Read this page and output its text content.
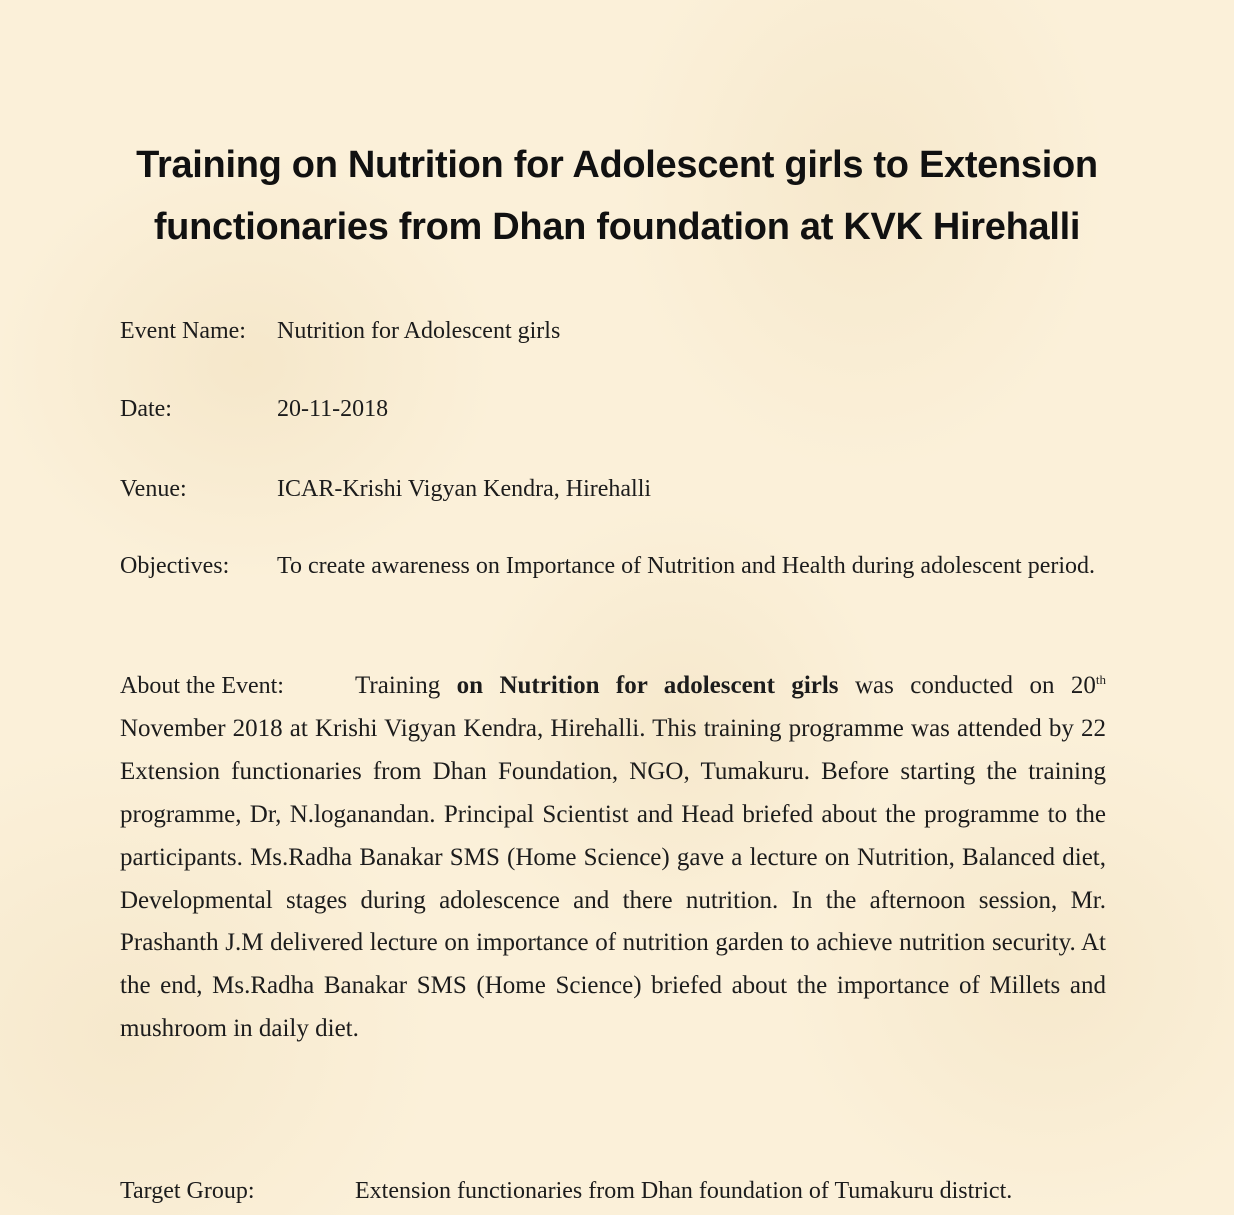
Training on Nutrition for Adolescent girls to Extension functionaries from Dhan foundation at KVK Hirehalli

Event Name: Nutrition for Adolescent girls

Date:	20-11-2018

Venue:	ICAR-Krishi Vigyan Kendra, Hirehalli

Objectives: To create awareness on Importance of Nutrition and Health during adolescent period.

About the Event:	Training on Nutrition for adolescent girls was conducted on 20th November 2018 at Krishi Vigyan Kendra, Hirehalli. This training programme was attended by 22 Extension functionaries from Dhan Foundation, NGO, Tumakuru. Before starting the training programme, Dr, N.loganandan. Principal Scientist and Head briefed about the programme to the participants. Ms.Radha Banakar SMS (Home Science) gave a lecture on Nutrition, Balanced diet, Developmental stages during adolescence and there nutrition. In the afternoon session, Mr. Prashanth J.M delivered lecture on importance of nutrition garden to achieve nutrition security. At the end, Ms.Radha Banakar SMS (Home Science) briefed about the importance of Millets and mushroom in daily diet.

Target Group:	Extension functionaries from Dhan foundation of Tumakuru district.
